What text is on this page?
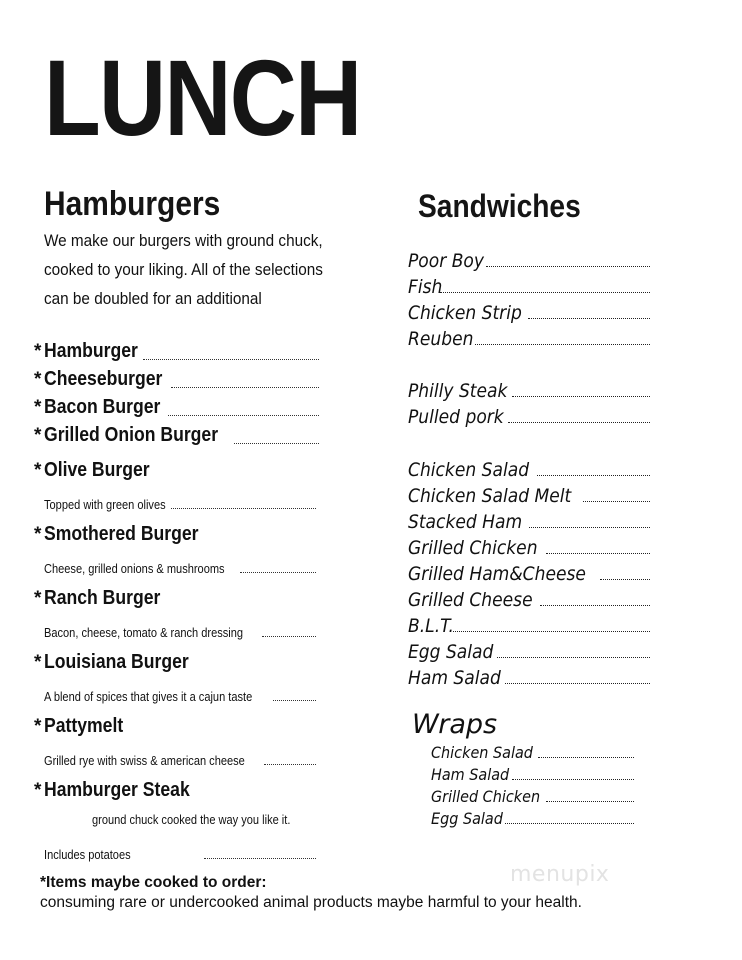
LUNCH
Hamburgers
We make our burgers with ground chuck,
cooked to your liking. All of the selections
can be doubled for an additional
* Hamburger
* Cheeseburger
* Bacon Burger
* Grilled Onion Burger
* Olive Burger
Topped with green olives
* Smothered Burger
Cheese, grilled onions & mushrooms
* Ranch Burger
Bacon, cheese, tomato & ranch dressing
* Louisiana Burger
A blend of spices that gives it a cajun taste
* Pattymelt
Grilled rye with swiss & american cheese
* Hamburger Steak
ground chuck cooked the way you like it.
Includes potatoes
Sandwiches
Poor Boy
Fish
Chicken Strip
Reuben
Philly Steak
Pulled pork
Chicken Salad
Chicken Salad Melt
Stacked Ham
Grilled Chicken
Grilled Ham&Cheese
Grilled Cheese
B.L.T.
Egg Salad
Ham Salad
Wraps
Chicken Salad
Ham Salad
Grilled Chicken
Egg Salad
menupix
*Items maybe cooked to order:
consuming rare or undercooked animal products maybe harmful to your health.
